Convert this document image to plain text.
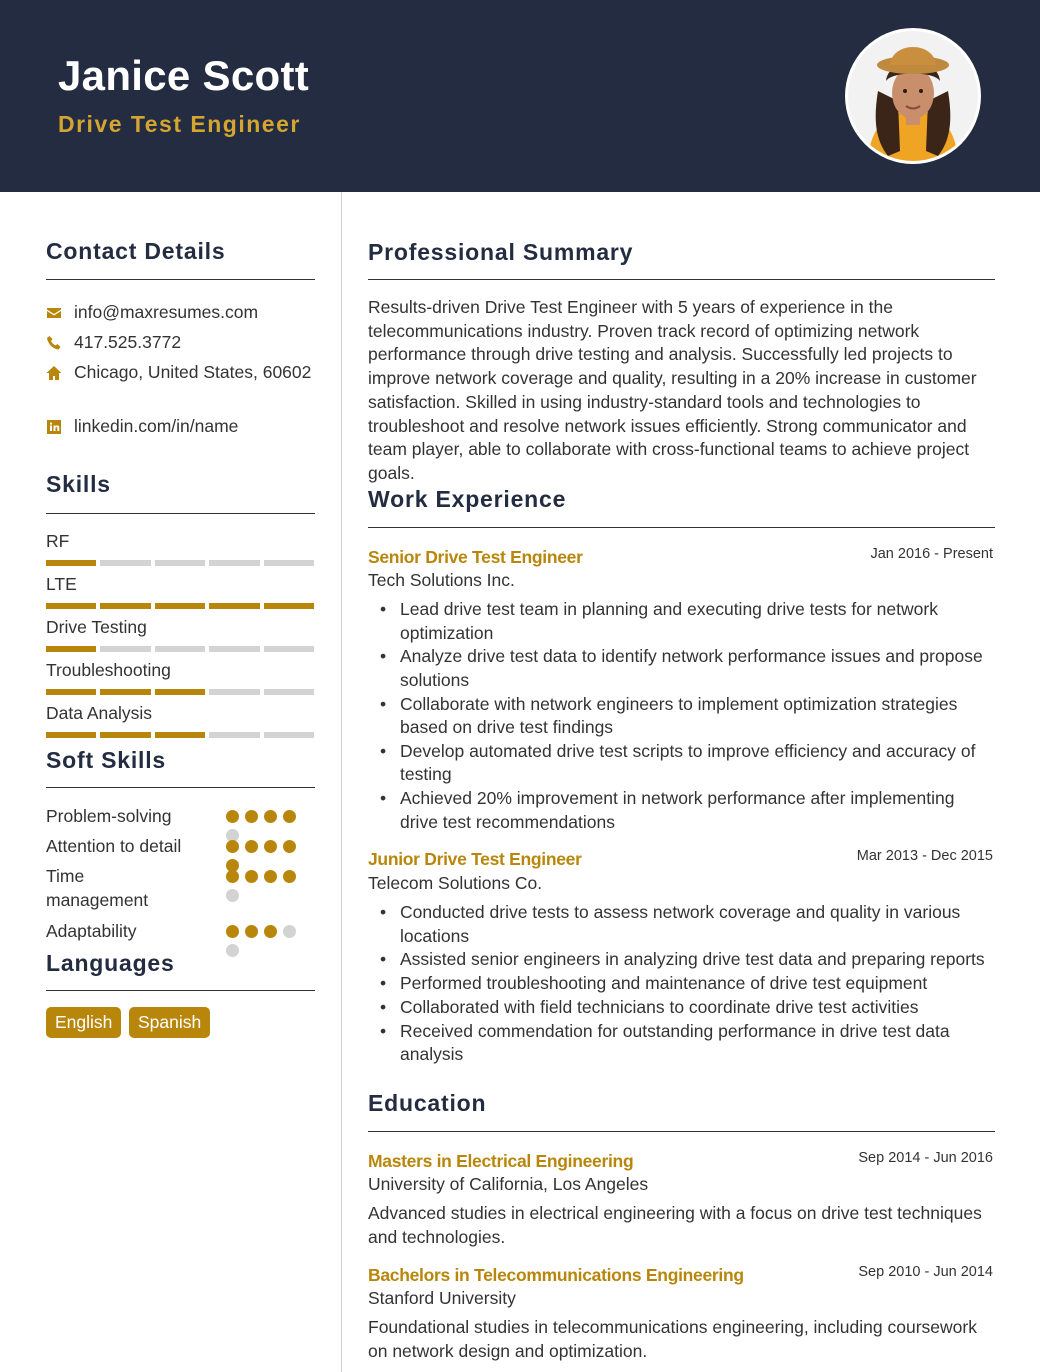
Janice Scott
Drive Test Engineer
Contact Details
info@maxresumes.com
417.525.3772
Chicago, United States, 60602
linkedin.com/in/name
Skills
RF
LTE
Drive Testing
Troubleshooting
Data Analysis
Soft Skills
Problem-solving
Attention to detail
Time management
Adaptability
Languages
English	Spanish
Professional Summary
Results-driven Drive Test Engineer with 5 years of experience in the telecommunications industry. Proven track record of optimizing network performance through drive testing and analysis. Successfully led projects to improve network coverage and quality, resulting in a 20% increase in customer satisfaction. Skilled in using industry-standard tools and technologies to troubleshoot and resolve network issues efficiently. Strong communicator and team player, able to collaborate with cross-functional teams to achieve project goals.
Work Experience
Senior Drive Test Engineer	Jan 2016 - Present
Tech Solutions Inc.
• Lead drive test team in planning and executing drive tests for network optimization
• Analyze drive test data to identify network performance issues and propose solutions
• Collaborate with network engineers to implement optimization strategies based on drive test findings
• Develop automated drive test scripts to improve efficiency and accuracy of testing
• Achieved 20% improvement in network performance after implementing drive test recommendations
Junior Drive Test Engineer	Mar 2013 - Dec 2015
Telecom Solutions Co.
• Conducted drive tests to assess network coverage and quality in various locations
• Assisted senior engineers in analyzing drive test data and preparing reports
• Performed troubleshooting and maintenance of drive test equipment
• Collaborated with field technicians to coordinate drive test activities
• Received commendation for outstanding performance in drive test data analysis
Education
Masters in Electrical Engineering	Sep 2014 - Jun 2016
University of California, Los Angeles
Advanced studies in electrical engineering with a focus on drive test techniques and technologies.
Bachelors in Telecommunications Engineering	Sep 2010 - Jun 2014
Stanford University
Foundational studies in telecommunications engineering, including coursework on network design and optimization.
